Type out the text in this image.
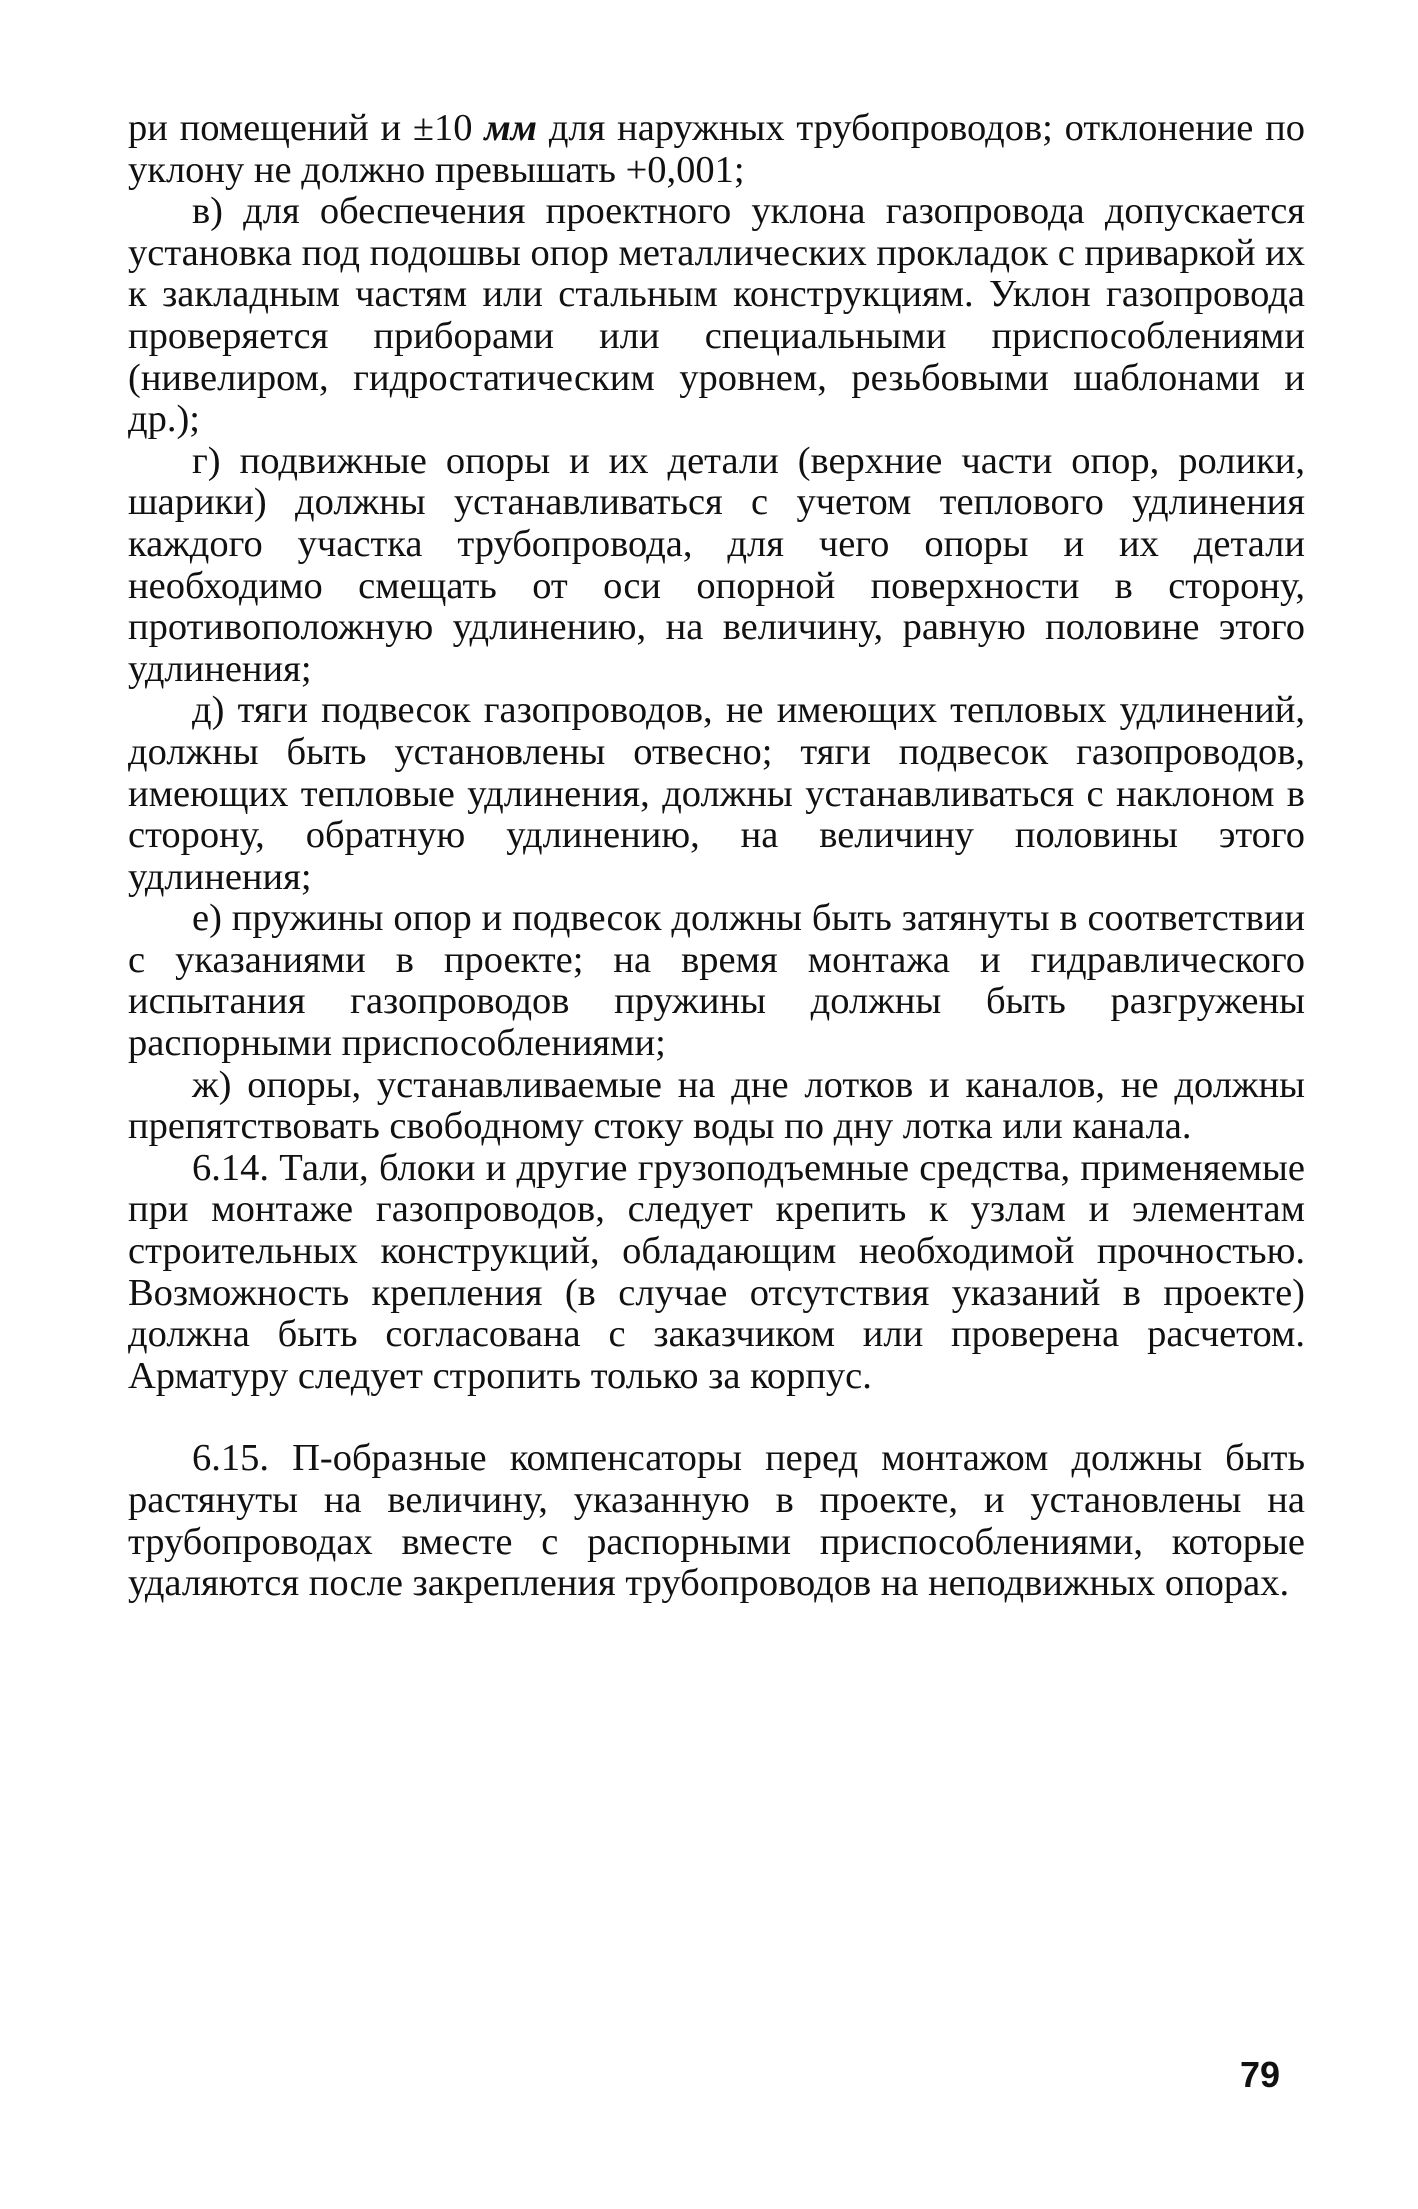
ри помещений и ±10 мм для наружных трубопроводов; отклонение по уклону не должно превышать +0,001;

в) для обеспечения проектного уклона газопровода допускается установка под подошвы опор металлических прокладок с приваркой их к закладным частям или стальным конструкциям. Уклон газопровода проверяется приборами или специальными приспособлениями (нивелиром, гидростатическим уровнем, резьбовыми шаблонами и др.);

г) подвижные опоры и их детали (верхние части опор, ролики, шарики) должны устанавливаться с учетом теплового удлинения каждого участка трубопровода, для чего опоры и их детали необходимо смещать от оси опорной поверхности в сторону, противоположную удлинению, на величину, равную половине этого удлинения;

д) тяги подвесок газопроводов, не имеющих тепловых удлинений, должны быть установлены отвесно; тяги подвесок газопроводов, имеющих тепловые удлинения, должны устанавливаться с наклоном в сторону, обратную удлинению, на величину половины этого удлинения;

е) пружины опор и подвесок должны быть затянуты в соответствии с указаниями в проекте; на время монтажа и гидравлического испытания газопроводов пружины должны быть разгружены распорными приспособлениями;

ж) опоры, устанавливаемые на дне лотков и каналов, не должны препятствовать свободному стоку воды по дну лотка или канала.

6.14. Тали, блоки и другие грузоподъемные средства, применяемые при монтаже газопроводов, следует крепить к узлам и элементам строительных конструкций, обладающим необходимой прочностью. Возможность крепления (в случае отсутствия указаний в проекте) должна быть согласована с заказчиком или проверена расчетом. Арматуру следует стропить только за корпус.

6.15. П-образные компенсаторы перед монтажом должны быть растянуты на величину, указанную в проекте, и установлены на трубопроводах вместе с распорными приспособлениями, которые удаляются после закрепления трубопроводов на неподвижных опорах.

79
